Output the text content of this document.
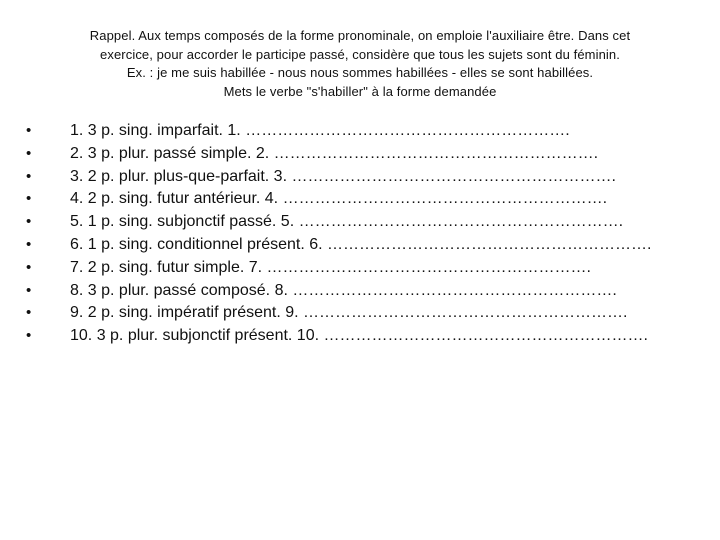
Rappel. Aux temps composés de la forme pronominale, on emploie l'auxiliaire être. Dans cet
exercice, pour accorder le participe passé, considère que tous les sujets sont du féminin.
Ex. : je me suis habillée - nous nous sommes habillées - elles se sont habillées.
Mets le verbe "s'habiller" à la forme demandée
•	1. 3 p. sing. imparfait. 1. …………………………………………………….
•	2. 3 p. plur. passé simple. 2. …………………………………………………….
•	3. 2 p. plur. plus-que-parfait. 3. …………………………………………………….
•	4. 2 p. sing. futur antérieur. 4. …………………………………………………….
•	5. 1 p. sing. subjonctif passé. 5. …………………………………………………….
•	6. 1 p. sing. conditionnel présent. 6. …………………………………………………….
•	7. 2 p. sing. futur simple. 7. …………………………………………………….
•	8. 3 p. plur. passé composé. 8. …………………………………………………….
•	9. 2 p. sing. impératif présent. 9. …………………………………………………….
•	10. 3 p. plur. subjonctif présent. 10. …………………………………………………….
